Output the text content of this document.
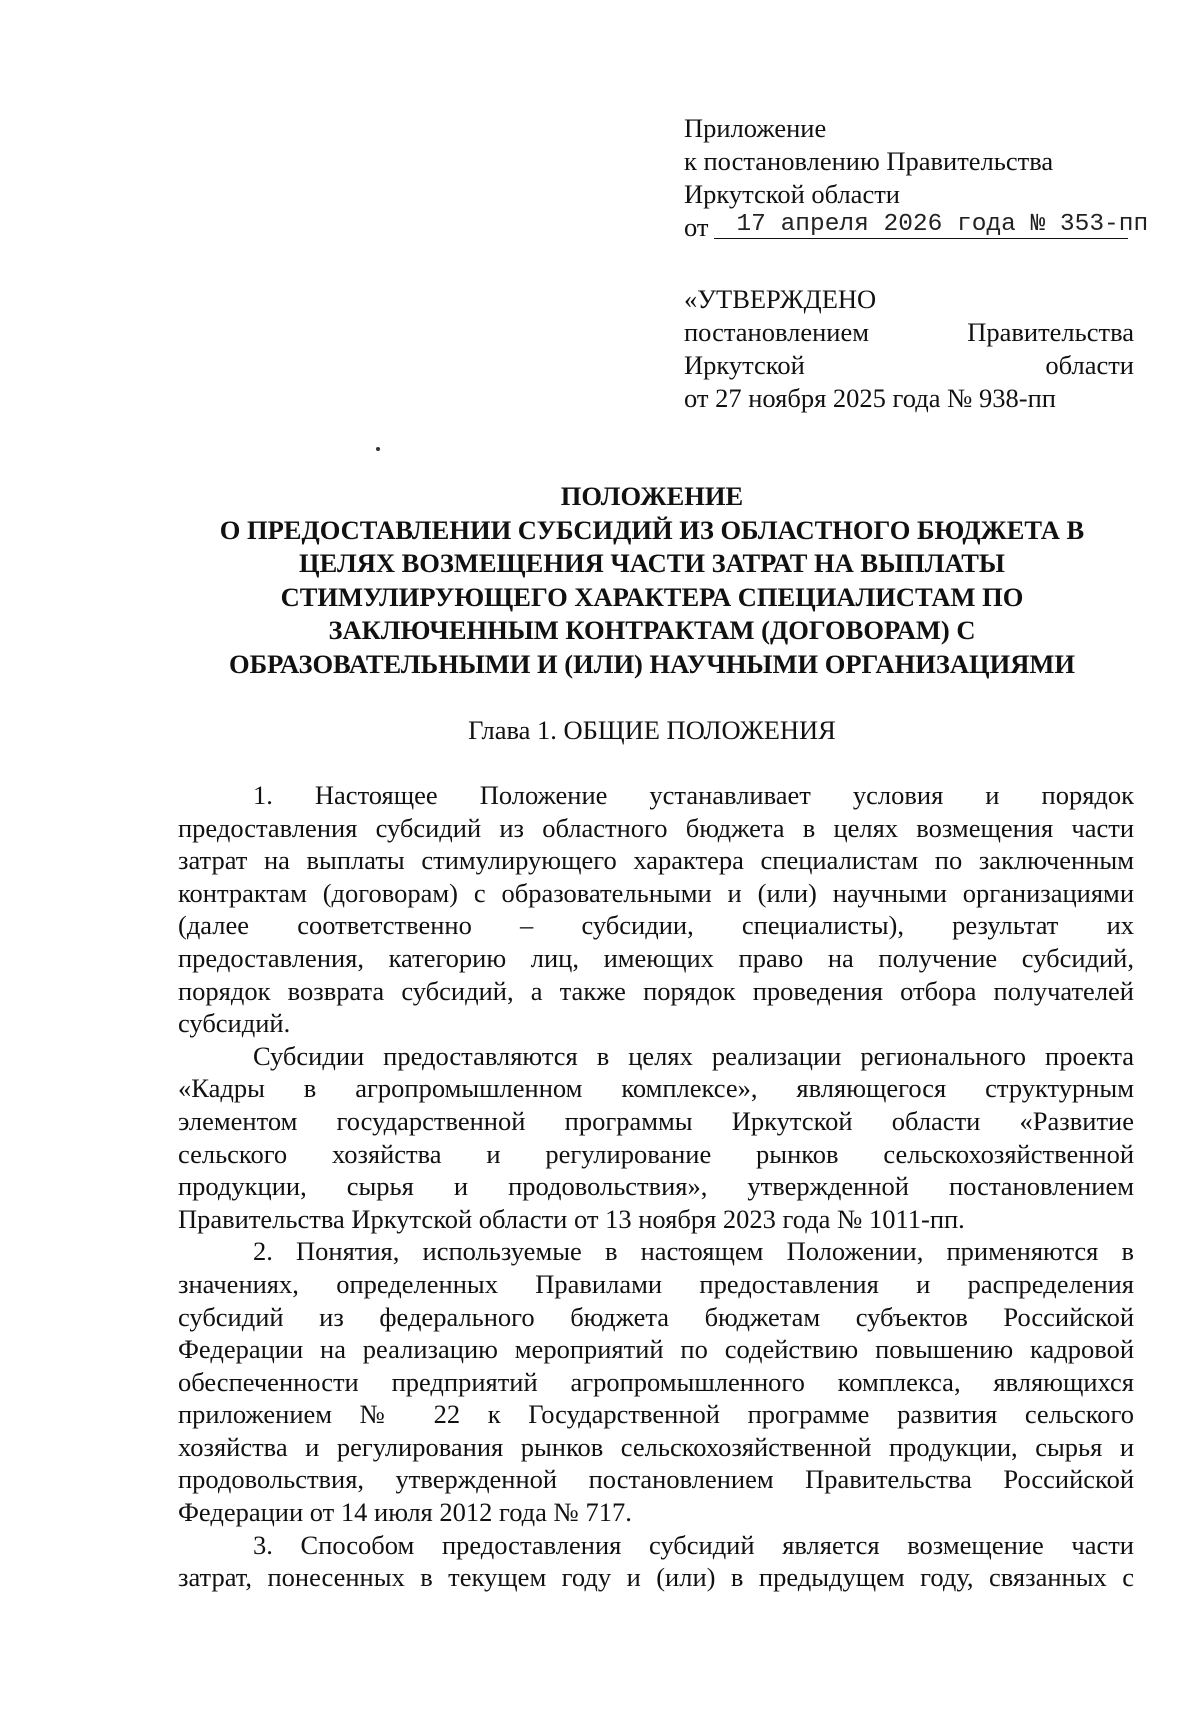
Приложение
к постановлению Правительства
Иркутской области
от 17 апреля 2026 года № 353-пп
«УТВЕРЖДЕНО
постановлением	Правительства
Иркутской	области
от 27 ноября 2025 года № 938-пп
ПОЛОЖЕНИЕ
О ПРЕДОСТАВЛЕНИИ СУБСИДИЙ ИЗ ОБЛАСТНОГО БЮДЖЕТА В
ЦЕЛЯХ ВОЗМЕЩЕНИЯ ЧАСТИ ЗАТРАТ НА ВЫПЛАТЫ
СТИМУЛИРУЮЩЕГО ХАРАКТЕРА СПЕЦИАЛИСТАМ ПО
ЗАКЛЮЧЕННЫМ КОНТРАКТАМ (ДОГОВОРАМ) С
ОБРАЗОВАТЕЛЬНЫМИ И (ИЛИ) НАУЧНЫМИ ОРГАНИЗАЦИЯМИ
Глава 1. ОБЩИЕ ПОЛОЖЕНИЯ
1. Настоящее Положение устанавливает условия и порядок
предоставления субсидий из областного бюджета в целях возмещения части
затрат на выплаты стимулирующего характера специалистам по заключенным
контрактам (договорам) с образовательными и (или) научными организациями
(далее соответственно – субсидии, специалисты), результат их
предоставления, категорию лиц, имеющих право на получение субсидий,
порядок возврата субсидий, а также порядок проведения отбора получателей
субсидий.
Субсидии предоставляются в целях реализации регионального проекта
«Кадры в агропромышленном комплексе», являющегося структурным
элементом государственной программы Иркутской области «Развитие
сельского хозяйства и регулирование рынков сельскохозяйственной
продукции, сырья и продовольствия», утвержденной постановлением
Правительства Иркутской области от 13 ноября 2023 года № 1011-пп.
2. Понятия, используемые в настоящем Положении, применяются в
значениях, определенных Правилами предоставления и распределения
субсидий из федерального бюджета бюджетам субъектов Российской
Федерации на реализацию мероприятий по содействию повышению кадровой
обеспеченности предприятий агропромышленного комплекса, являющихся
приложением № 22 к Государственной программе развития сельского
хозяйства и регулирования рынков сельскохозяйственной продукции, сырья и
продовольствия, утвержденной постановлением Правительства Российской
Федерации от 14 июля 2012 года № 717.
3. Способом предоставления субсидий является возмещение части
затрат, понесенных в текущем году и (или) в предыдущем году, связанных с
